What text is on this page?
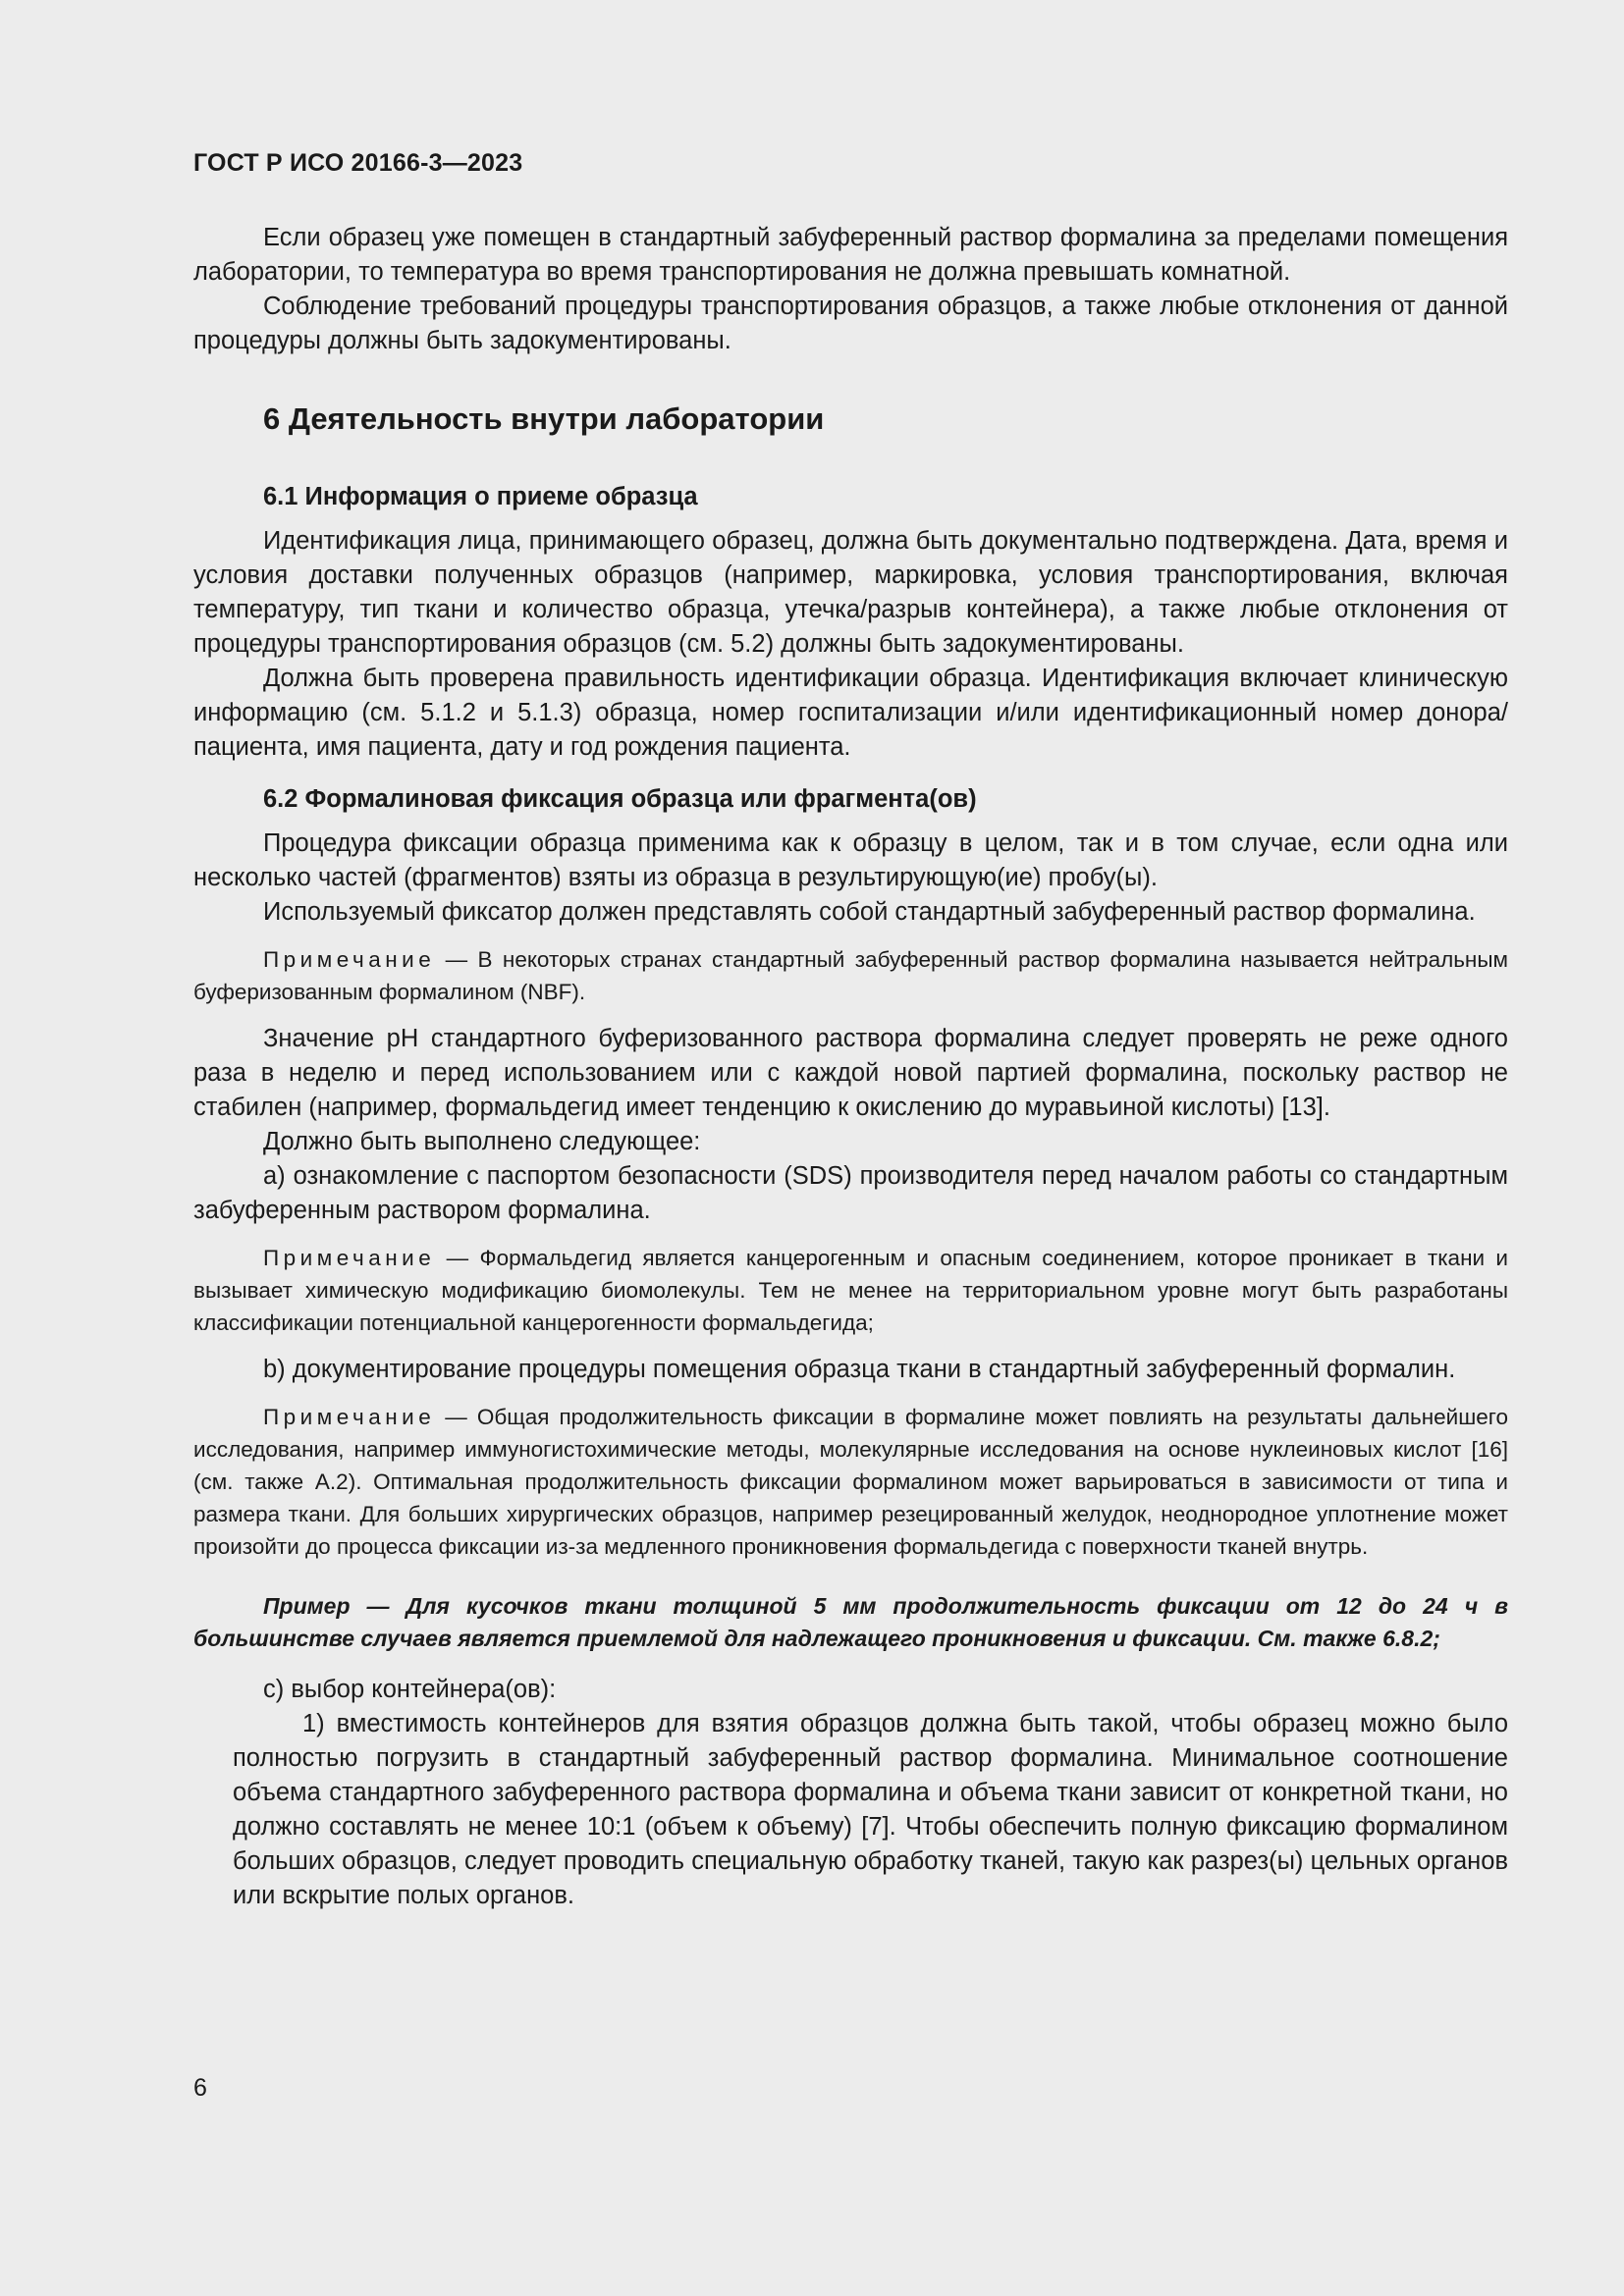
ГОСТ Р ИСО 20166-3—2023

Если образец уже помещен в стандартный забуференный раствор формалина за пределами помещения лаборатории, то температура во время транспортирования не должна превышать комнатной.

Соблюдение требований процедуры транспортирования образцов, а также любые отклонения от данной процедуры должны быть задокументированы.

6 Деятельность внутри лаборатории
6.1 Информация о приеме образца

Идентификация лица, принимающего образец, должна быть документально подтверждена. Дата, время и условия доставки полученных образцов (например, маркировка, условия транспортирования, включая температуру, тип ткани и количество образца, утечка/разрыв контейнера), а также любые отклонения от процедуры транспортирования образцов (см. 5.2) должны быть задокументированы.

Должна быть проверена правильность идентификации образца. Идентификация включает клиническую информацию (см. 5.1.2 и 5.1.3) образца, номер госпитализации и/или идентификационный номер донора/пациента, имя пациента, дату и год рождения пациента.

6.2 Формалиновая фиксация образца или фрагмента(ов)

Процедура фиксации образца применима как к образцу в целом, так и в том случае, если одна или несколько частей (фрагментов) взяты из образца в результирующую(ие) пробу(ы).

Используемый фиксатор должен представлять собой стандартный забуференный раствор формалина.

Примечание — В некоторых странах стандартный забуференный раствор формалина называется нейтральным буферизованным формалином (NBF).

Значение pH стандартного буферизованного раствора формалина следует проверять не реже одного раза в неделю и перед использованием или с каждой новой партией формалина, поскольку раствор не стабилен (например, формальдегид имеет тенденцию к окислению до муравьиной кислоты) [13].

Должно быть выполнено следующее:

a) ознакомление с паспортом безопасности (SDS) производителя перед началом работы со стандартным забуференным раствором формалина.

Примечание — Формальдегид является канцерогенным и опасным соединением, которое проникает в ткани и вызывает химическую модификацию биомолекулы. Тем не менее на территориальном уровне могут быть разработаны классификации потенциальной канцерогенности формальдегида;

b) документирование процедуры помещения образца ткани в стандартный забуференный формалин.

Примечание — Общая продолжительность фиксации в формалине может повлиять на результаты дальнейшего исследования, например иммуногистохимические методы, молекулярные исследования на основе нуклеиновых кислот [16] (см. также А.2). Оптимальная продолжительность фиксации формалином может варьироваться в зависимости от типа и размера ткани. Для больших хирургических образцов, например резецированный желудок, неоднородное уплотнение может произойти до процесса фиксации из-за медленного проникновения формальдегида с поверхности тканей внутрь.
Пример — Для кусочков ткани толщиной 5 мм продолжительность фиксации от 12 до 24 ч в большинстве случаев является приемлемой для надлежащего проникновения и фиксации. См. также 6.8.2;

c) выбор контейнера(ов):

1) вместимость контейнеров для взятия образцов должна быть такой, чтобы образец можно было полностью погрузить в стандартный забуференный раствор формалина. Минимальное соотношение объема стандартного забуференного раствора формалина и объема ткани зависит от конкретной ткани, но должно составлять не менее 10:1 (объем к объему) [7]. Чтобы обеспечить полную фиксацию формалином больших образцов, следует проводить специальную обработку тканей, такую как разрез(ы) цельных органов или вскрытие полых органов.

6
